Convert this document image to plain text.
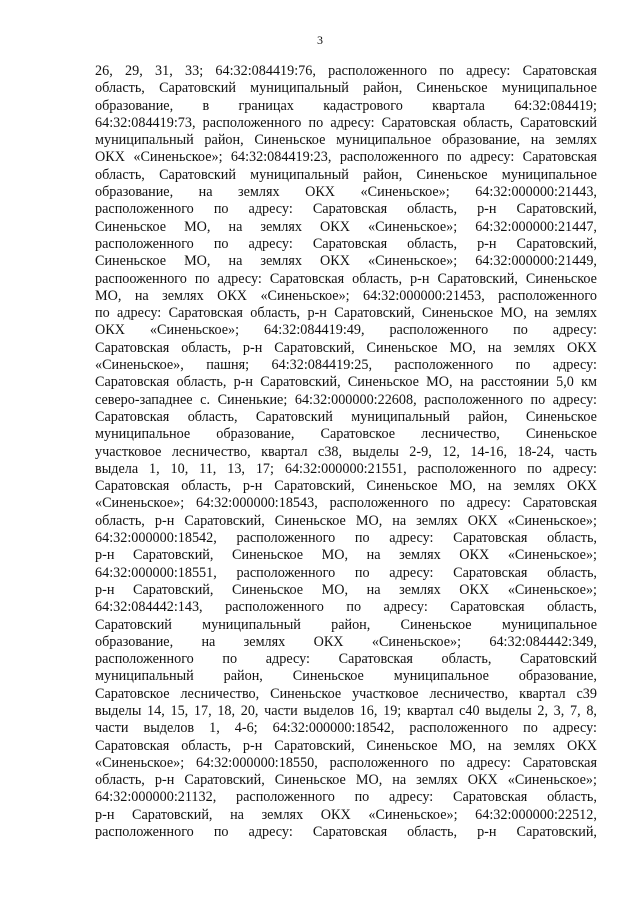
3
26, 29, 31, 33; 64:32:084419:76, расположенного по адресу: Саратовская
область, Саратовский муниципальный район, Синеньское муниципальное
образование, в границах кадастрового квартала 64:32:084419;
64:32:084419:73, расположенного по адресу: Саратовская область, Саратовский
муниципальный район, Синеньское муниципальное образование, на землях
ОКХ «Синеньское»; 64:32:084419:23, расположенного по адресу: Саратовская
область, Саратовский муниципальный район, Синеньское муниципальное
образование, на землях ОКХ «Синеньское»; 64:32:000000:21443,
расположенного по адресу: Саратовская область, р-н Саратовский,
Синеньское МО, на землях ОКХ «Синеньское»; 64:32:000000:21447,
расположенного по адресу: Саратовская область, р-н Саратовский,
Синеньское МО, на землях ОКХ «Синеньское»; 64:32:000000:21449,
распооженного по адресу: Саратовская область, р-н Саратовский, Синеньское
МО, на землях ОКХ «Синеньское»; 64:32:000000:21453, расположенного
по адресу: Саратовская область, р-н Саратовский, Синеньское МО, на землях
ОКХ «Синеньское»; 64:32:084419:49, расположенного по адресу:
Саратовская область, р-н Саратовский, Синеньское МО, на землях ОКХ
«Синеньское», пашня; 64:32:084419:25, расположенного по адресу:
Саратовская область, р-н Саратовский, Синеньское МО, на расстоянии 5,0 км
северо-западнее с. Синенькие; 64:32:000000:22608, расположенного по адресу:
Саратовская область, Саратовский муниципальный район, Синеньское
муниципальное образование, Саратовское лесничество, Синеньское
участковое лесничество, квартал с38, выделы 2-9, 12, 14-16, 18-24, часть
выдела 1, 10, 11, 13, 17; 64:32:000000:21551, расположенного по адресу:
Саратовская область, р-н Саратовский, Синеньское МО, на землях ОКХ
«Синеньское»; 64:32:000000:18543, расположенного по адресу: Саратовская
область, р-н Саратовский, Синеньское МО, на землях ОКХ «Синеньское»;
64:32:000000:18542, расположенного по адресу: Саратовская область,
р-н Саратовский, Синеньское МО, на землях ОКХ «Синеньское»;
64:32:000000:18551, расположенного по адресу: Саратовская область,
р-н Саратовский, Синеньское МО, на землях ОКХ «Синеньское»;
64:32:084442:143, расположенного по адресу: Саратовская область,
Саратовский муниципальный район, Синеньское муниципальное
образование, на землях ОКХ «Синеньское»; 64:32:084442:349,
расположенного по адресу: Саратовская область, Саратовский
муниципальный район, Синеньское муниципальное образование,
Саратовское лесничество, Синеньское участковое лесничество, квартал с39
выделы 14, 15, 17, 18, 20, части выделов 16, 19; квартал с40 выделы 2, 3, 7, 8,
части выделов 1, 4-6; 64:32:000000:18542, расположенного по адресу:
Саратовская область, р-н Саратовский, Синеньское МО, на землях ОКХ
«Синеньское»; 64:32:000000:18550, расположенного по адресу: Саратовская
область, р-н Саратовский, Синеньское МО, на землях ОКХ «Синеньское»;
64:32:000000:21132, расположенного по адресу: Саратовская область,
р-н Саратовский, на землях ОКХ «Синеньское»; 64:32:000000:22512,
расположенного по адресу: Саратовская область, р-н Саратовский,
